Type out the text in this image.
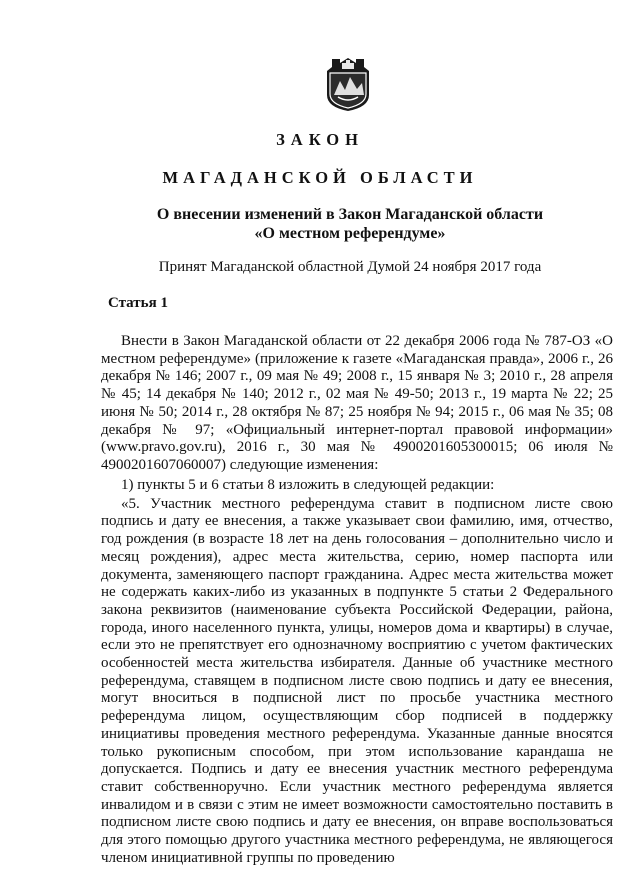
ЗАКОН
МАГАДАНСКОЙ ОБЛАСТИ
О внесении изменений в Закон Магаданской области
«О местном референдуме»
Принят Магаданской областной Думой 24 ноября 2017 года
Статья 1

Внести в Закон Магаданской области от 22 декабря 2006 года № 787-ОЗ «О местном референдуме» (приложение к газете «Магаданская правда», 2006 г., 26 декабря № 146; 2007 г., 09 мая № 49; 2008 г., 15 января № 3; 2010 г., 28 апреля № 45; 14 декабря № 140; 2012 г., 02 мая № 49-50; 2013 г., 19 марта № 22; 25 июня № 50; 2014 г., 28 октября № 87; 25 ноября № 94; 2015 г., 06 мая № 35; 08 декабря № 97; «Официальный интернет-портал правовой информации» (www.pravo.gov.ru), 2016 г., 30 мая № 4900201605300015; 06 июля № 4900201607060007) следующие изменения:

1) пункты 5 и 6 статьи 8 изложить в следующей редакции:

«5. Участник местного референдума ставит в подписном листе свою подпись и дату ее внесения, а также указывает свои фамилию, имя, отчество, год рождения (в возрасте 18 лет на день голосования – дополнительно число и месяц рождения), адрес места жительства, серию, номер паспорта или документа, заменяющего паспорт гражданина. Адрес места жительства может не содержать каких-либо из указанных в подпункте 5 статьи 2 Федерального закона реквизитов (наименование субъекта Российской Федерации, района, города, иного населенного пункта, улицы, номеров дома и квартиры) в случае, если это не препятствует его однозначному восприятию с учетом фактических особенностей места жительства избирателя. Данные об участнике местного референдума, ставящем в подписном листе свою подпись и дату ее внесения, могут вноситься в подписной лист по просьбе участника местного референдума лицом, осуществляющим сбор подписей в поддержку инициативы проведения местного референдума. Указанные данные вносятся только рукописным способом, при этом использование карандаша не допускается. Подпись и дату ее внесения участник местного референдума ставит собственноручно. Если участник местного референдума является инвалидом и в связи с этим не имеет возможности самостоятельно поставить в подписном листе свою подпись и дату ее внесения, он вправе воспользоваться для этого помощью другого участника местного референдума, не являющегося членом инициативной группы по проведению
